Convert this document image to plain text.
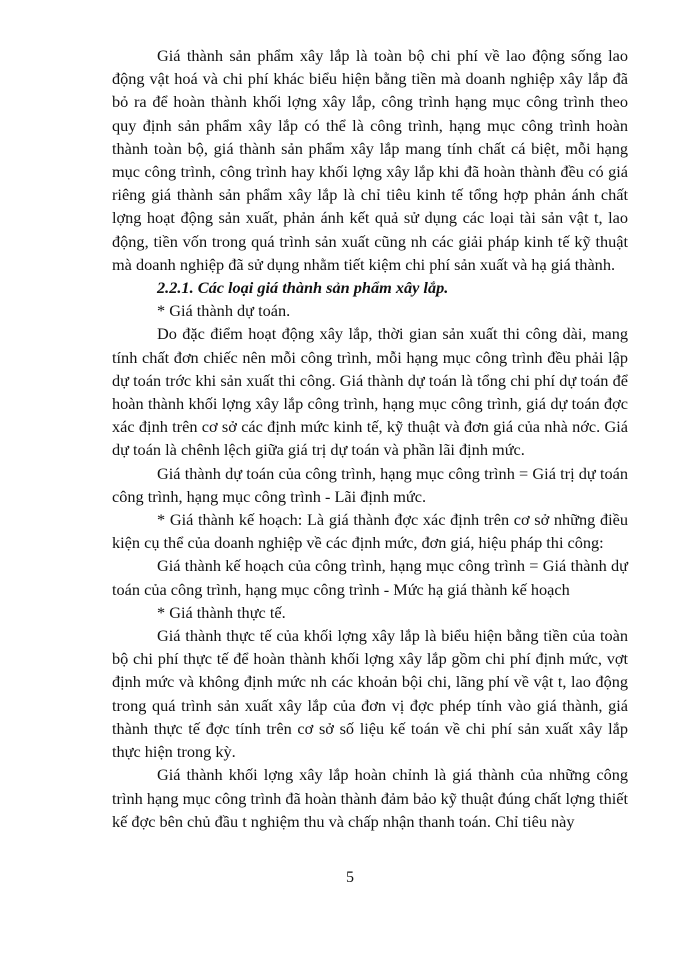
Giá thành sản phẩm xây lắp là toàn bộ chi phí về lao động sống lao động vật hoá và chi phí khác biểu hiện bằng tiền mà doanh nghiệp xây lắp đã bỏ ra để hoàn thành khối lợng xây lắp, công trình hạng mục công trình theo quy định sản phẩm xây lắp có thể là công trình, hạng mục công trình hoàn thành toàn bộ, giá thành sản phẩm xây lắp mang tính chất cá biệt, mỗi hạng mục công trình, công trình hay khối lợng xây lắp khi đã hoàn thành đều có giá riêng giá thành sản phẩm xây lắp là chỉ tiêu kinh tế tổng hợp phản ánh chất lợng hoạt động sản xuất, phản ánh kết quả sử dụng các loại tài sản vật t, lao động, tiền vốn trong quá trình sản xuất cũng nh các giải pháp kinh tế kỹ thuật mà doanh nghiệp đã sử dụng nhằm tiết kiệm chi phí sản xuất và hạ giá thành.

2.2.1. Các loại giá thành sản phẩm xây lắp.

* Giá thành dự toán.

Do đặc điểm hoạt động xây lắp, thời gian sản xuất thi công dài, mang tính chất đơn chiếc nên mỗi công trình, mỗi hạng mục công trình đều phải lập dự toán trớc khi sản xuất thi công. Giá thành dự toán là tổng chi phí dự toán để hoàn thành khối lợng xây lắp công trình, hạng mục công trình, giá dự toán đợc xác định trên cơ sở các định mức kinh tế, kỹ thuật và đơn giá của nhà nớc. Giá dự toán là chênh lệch giữa giá trị dự toán và phần lãi định mức.

Giá thành dự toán của công trình, hạng mục công trình = Giá trị dự toán công trình, hạng mục công trình - Lãi định mức.

* Giá thành kế hoạch: Là giá thành đợc xác định trên cơ sở những điều kiện cụ thể của doanh nghiệp về các định mức, đơn giá, hiệu pháp thi công:

Giá thành kế hoạch của công trình, hạng mục công trình = Giá thành dự toán của công trình, hạng mục công trình - Mức hạ giá thành kế hoạch

* Giá thành thực tế.

Giá thành thực tế của khối lợng xây lắp là biểu hiện bằng tiền của toàn bộ chi phí thực tế để hoàn thành khối lợng xây lắp gồm chi phí định mức, vợt định mức và không định mức nh các khoản bội chi, lãng phí về vật t, lao động trong quá trình sản xuất xây lắp của đơn vị đợc phép tính vào giá thành, giá thành thực tế đợc tính trên cơ sở số liệu kế toán về chi phí sản xuất xây lắp thực hiện trong kỳ.

Giá thành khối lợng xây lắp hoàn chỉnh là giá thành của những công trình hạng mục công trình đã hoàn thành đảm bảo kỹ thuật đúng chất lợng thiết kế đợc bên chủ đầu t nghiệm thu và chấp nhận thanh toán. Chỉ tiêu này

5
